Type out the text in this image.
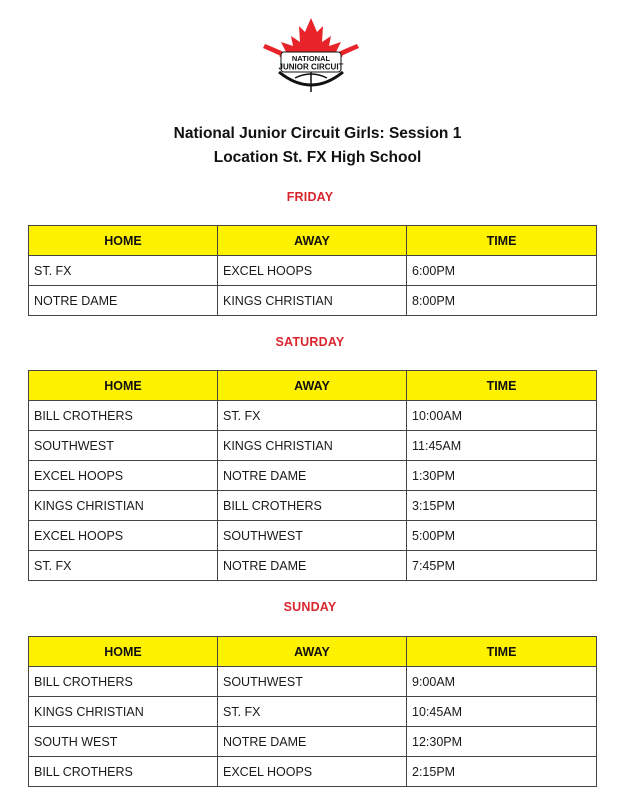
NATIONAL
JUNIOR CIRCUIT
National Junior Circuit Girls: Session 1
Location St. FX High School
FRIDAY
HOME	AWAY	TIME
ST. FX	EXCEL HOOPS	6:00PM
NOTRE DAME	KINGS CHRISTIAN	8:00PM
SATURDAY
HOME	AWAY	TIME
BILL CROTHERS	ST. FX	10:00AM
SOUTHWEST	KINGS CHRISTIAN	11:45AM
EXCEL HOOPS	NOTRE DAME	1:30PM
KINGS CHRISTIAN	BILL CROTHERS	3:15PM
EXCEL HOOPS	SOUTHWEST	5:00PM
ST. FX	NOTRE DAME	7:45PM
SUNDAY
HOME	AWAY	TIME
BILL CROTHERS	SOUTHWEST	9:00AM
KINGS CHRISTIAN	ST. FX	10:45AM
SOUTH WEST	NOTRE DAME	12:30PM
BILL CROTHERS	EXCEL HOOPS	2:15PM
